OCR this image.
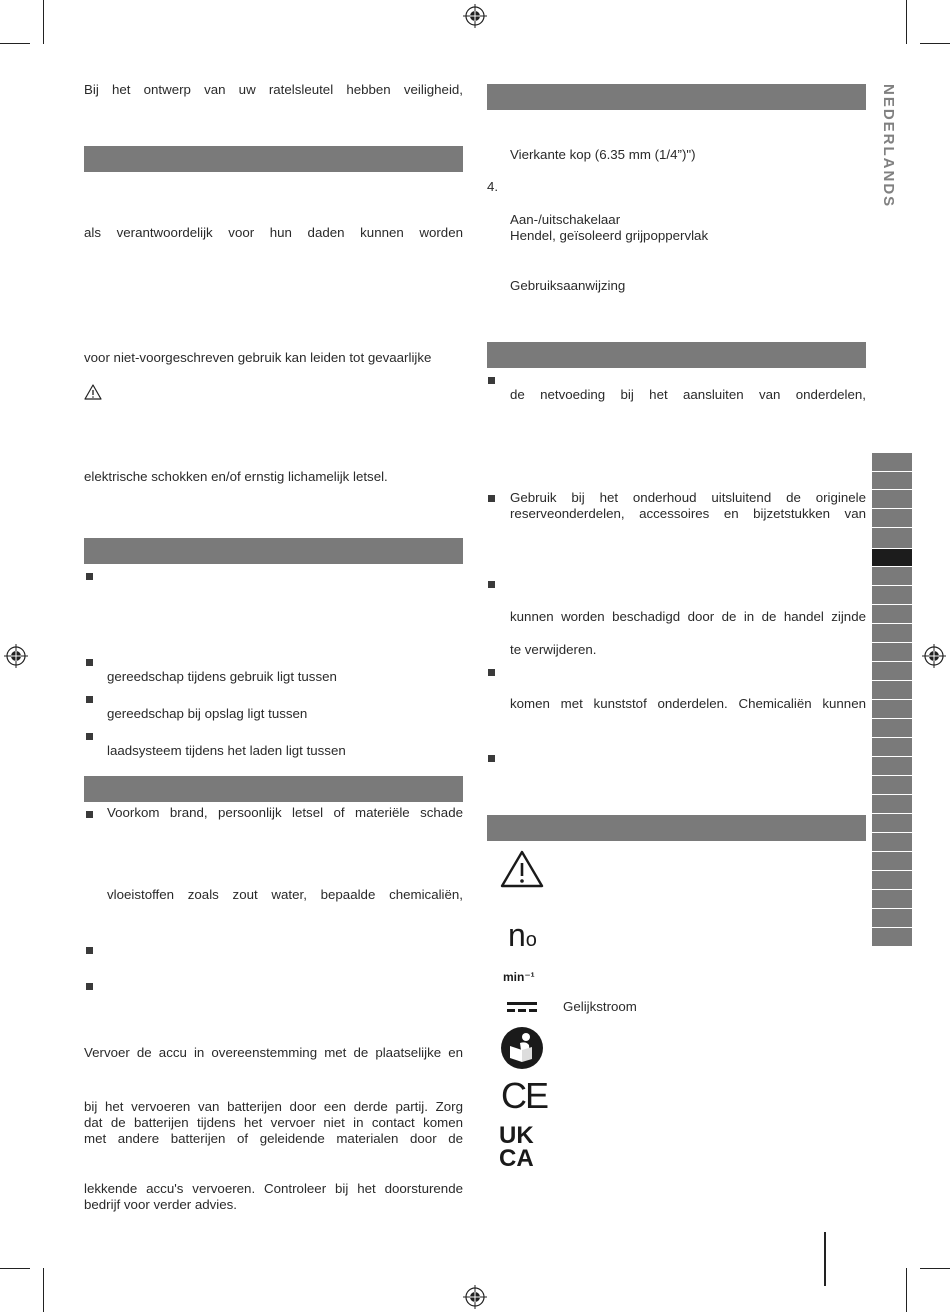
NEDERLANDS
Bij het ontwerp van uw ratelsleutel hebben veiligheid,
als verantwoordelijk voor hun daden kunnen worden
voor niet-voorgeschreven gebruik kan leiden tot gevaarlijke
elektrische schokken en/of ernstig lichamelijk letsel.
gereedschap tijdens gebruik ligt tussen
gereedschap bij opslag ligt tussen
laadsysteem tijdens het laden ligt tussen
Voorkom brand, persoonlijk letsel of materiële schade
vloeistoffen zoals zout water, bepaalde chemicaliën,
Vervoer de accu in overeenstemming met de plaatselijke en
bij het vervoeren van batterijen door een derde partij. Zorg
dat de batterijen tijdens het vervoer niet in contact komen
met andere batterijen of geleidende materialen door de
lekkende accu's vervoeren. Controleer bij het doorsturende
bedrijf voor verder advies.
Vierkante kop (6.35 mm (1/4”)")
4.
Aan-/uitschakelaar
Hendel, geïsoleerd grijpoppervlak
Gebruiksaanwijzing
de netvoeding bij het aansluiten van onderdelen,
Gebruik bij het onderhoud uitsluitend de originele
reserveonderdelen, accessoires en bijzetstukken van
kunnen worden beschadigd door de in de handel zijnde
te verwijderen.
komen met kunststof onderdelen. Chemicaliën kunnen
no
min⁻¹
Gelijkstroom
CE
UK
CA
